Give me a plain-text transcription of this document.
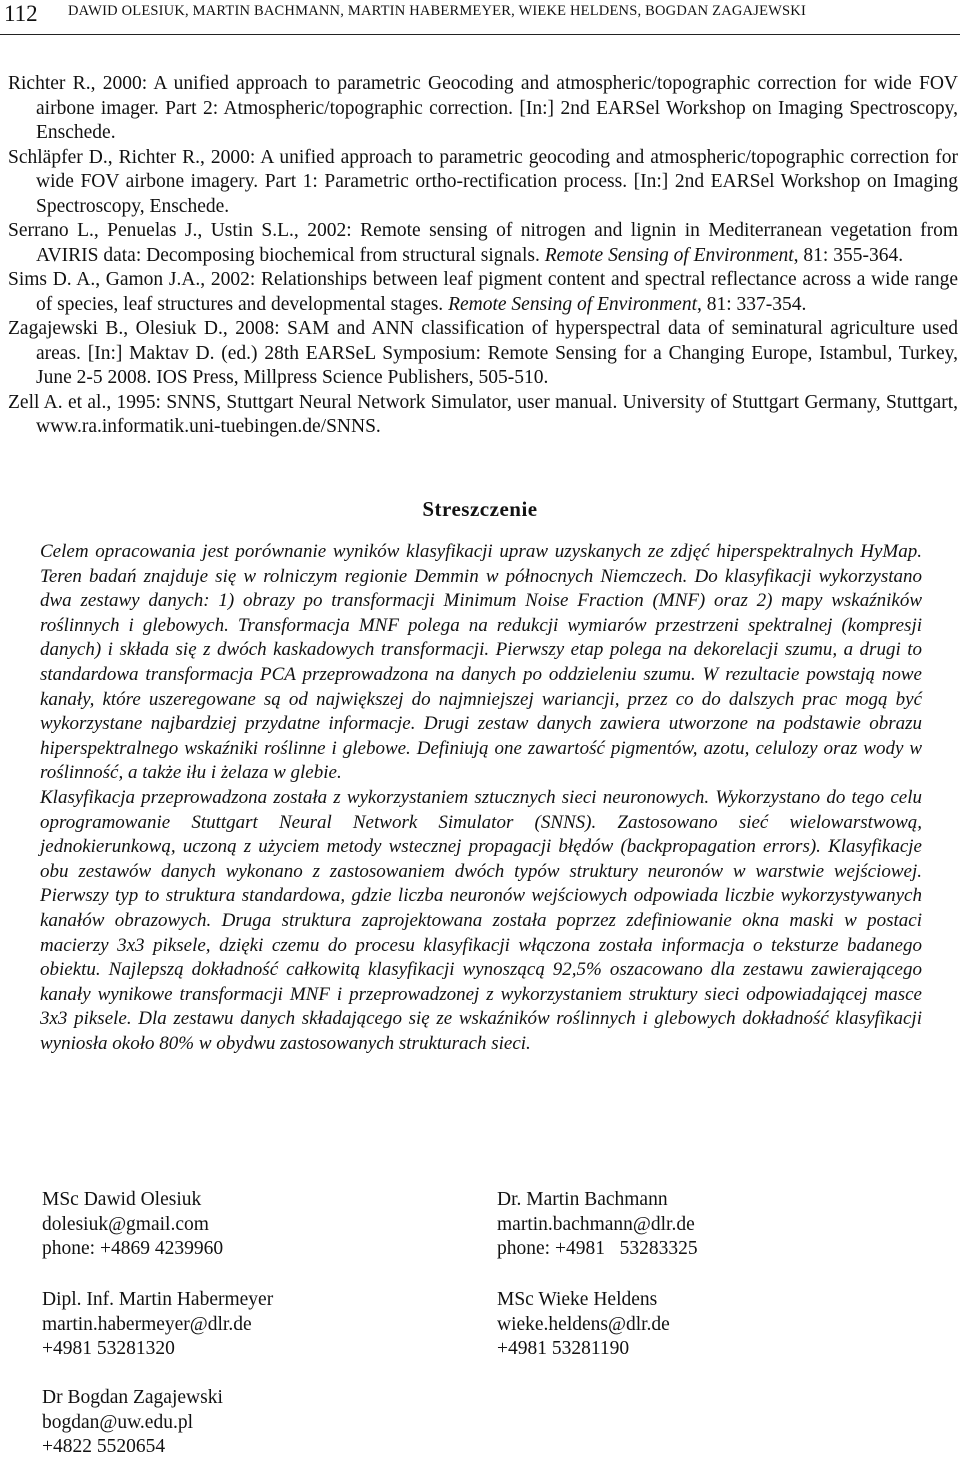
112 DAWID OLESIUK, MARTIN BACHMANN, MARTIN HABERMEYER, WIEKE HELDENS, BOGDAN ZAGAJEWSKI
Richter R., 2000: A unified approach to parametric Geocoding and atmospheric/topographic correction for wide FOV airbone imager. Part 2: Atmospheric/topographic correction. [In:] 2nd EARSel Workshop on Imaging Spectroscopy, Enschede.
Schläpfer D., Richter R., 2000: A unified approach to parametric geocoding and atmospheric/topographic correction for wide FOV airbone imagery. Part 1: Parametric ortho-rectification process. [In:] 2nd EARSel Workshop on Imaging Spectroscopy, Enschede.
Serrano L., Penuelas J., Ustin S.L., 2002: Remote sensing of nitrogen and lignin in Mediterranean vegetation from AVIRIS data: Decomposing biochemical from structural signals. Remote Sensing of Environment, 81: 355-364.
Sims D. A., Gamon J.A., 2002: Relationships between leaf pigment content and spectral reflectance across a wide range of species, leaf structures and developmental stages. Remote Sensing of Environment, 81: 337-354.
Zagajewski B., Olesiuk D., 2008: SAM and ANN classification of hyperspectral data of seminatural agriculture used areas. [In:] Maktav D. (ed.) 28th EARSeL Symposium: Remote Sensing for a Changing Europe, Istambul, Turkey, June 2-5 2008. IOS Press, Millpress Science Publishers, 505-510.
Zell A. et al., 1995: SNNS, Stuttgart Neural Network Simulator, user manual. University of Stuttgart Germany, Stuttgart, www.ra.informatik.uni-tuebingen.de/SNNS.
Streszczenie

Celem opracowania jest porównanie wyników klasyfikacji upraw uzyskanych ze zdjęć hiperspektralnych HyMap. Teren badań znajduje się w rolniczym regionie Demmin w północnych Niemczech. Do klasyfikacji wykorzystano dwa zestawy danych: 1) obrazy po transformacji Minimum Noise Fraction (MNF) oraz 2) mapy wskaźników roślinnych i glebowych. Transformacja MNF polega na redukcji wymiarów przestrzeni spektralnej (kompresji danych) i składa się z dwóch kaskadowych transformacji. Pierwszy etap polega na dekorelacji szumu, a drugi to standardowa transformacja PCA przeprowadzona na danych po oddzieleniu szumu. W rezultacie powstają nowe kanały, które uszeregowane są od największej do najmniejszej wariancji, przez co do dalszych prac mogą być wykorzystane najbardziej przydatne informacje. Drugi zestaw danych zawiera utworzone na podstawie obrazu hiperspektralnego wskaźniki roślinne i glebowe. Definiują one zawartość pigmentów, azotu, celulozy oraz wody w roślinność, a także iłu i żelaza w glebie.

Klasyfikacja przeprowadzona została z wykorzystaniem sztucznych sieci neuronowych. Wykorzystano do tego celu oprogramowanie Stuttgart Neural Network Simulator (SNNS). Zastosowano sieć wielowarstwową, jednokierunkową, uczoną z użyciem metody wstecznej propagacji błędów (backpropagation errors). Klasyfikacje obu zestawów danych wykonano z zastosowaniem dwóch typów struktury neuronów w warstwie wejściowej. Pierwszy typ to struktura standardowa, gdzie liczba neuronów wejściowych odpowiada liczbie wykorzystywanych kanałów obrazowych. Druga struktura zaprojektowana została poprzez zdefiniowanie okna maski w postaci macierzy 3x3 piksele, dzięki czemu do procesu klasyfikacji włączona została informacja o teksturze badanego obiektu. Najlepszą dokładność całkowitą klasyfikacji wynoszącą 92,5% oszacowano dla zestawu zawierającego kanały wynikowe transformacji MNF i przeprowadzonej z wykorzystaniem struktury sieci odpowiadającej masce 3x3 piksele. Dla zestawu danych składającego się ze wskaźników roślinnych i glebowych dokładność klasyfikacji wyniosła około 80% w obydwu zastosowanych strukturach sieci.

MSc Dawid Olesiuk
dolesiuk@gmail.com
phone: +4869 4239960
Dr. Martin Bachmann
martin.bachmann@dlr.de
phone: +4981   53283325
Dipl. Inf. Martin Habermeyer
martin.habermeyer@dlr.de
+4981 53281320
MSc Wieke Heldens
wieke.heldens@dlr.de
+4981 53281190
Dr Bogdan Zagajewski
bogdan@uw.edu.pl
+4822 5520654
